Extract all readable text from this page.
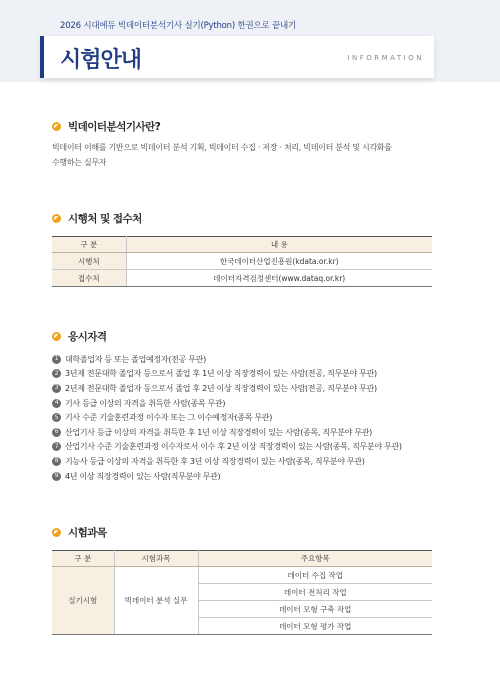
2026 시대에듀 빅데이터분석기사 실기(Python) 한권으로 끝내기
시험안내	INFORMATION
빅데이터분석기사란?
빅데이터 이해를 기반으로 빅데이터 분석 기획, 빅데이터 수집 · 저장 · 처리, 빅데이터 분석 및 시각화를
수행하는 실무자
시행처 및 접수처
구 분	내 용
시행처	한국데이터산업진흥원(kdata.or.kr)
접수처	데이터자격검정센터(www.dataq.or.kr)
응시자격
1 대학졸업자 등 또는 졸업예정자(전공 무관)
2 3년제 전문대학 졸업자 등으로서 졸업 후 1년 이상 직장경력이 있는 사람(전공, 직무분야 무관)
3 2년제 전문대학 졸업자 등으로서 졸업 후 2년 이상 직장경력이 있는 사람(전공, 직무분야 무관)
4 기사 등급 이상의 자격을 취득한 사람(종목 무관)
5 기사 수준 기술훈련과정 이수자 또는 그 이수예정자(종목 무관)
6 산업기사 등급 이상의 자격을 취득한 후 1년 이상 직장경력이 있는 사람(종목, 직무분야 무관)
7 산업기사 수준 기술훈련과정 이수자로서 이수 후 2년 이상 직장경력이 있는 사람(종목, 직무분야 무관)
8 기능사 등급 이상의 자격을 취득한 후 3년 이상 직장경력이 있는 사람(종목, 직무분야 무관)
9 4년 이상 직장경력이 있는 사람(직무분야 무관)
시험과목
구 분	시험과목	주요항목
실기시험	빅데이터 분석 실무	데이터 수집 작업
		데이터 전처리 작업
		데이터 모형 구축 작업
		데이터 모형 평가 작업
